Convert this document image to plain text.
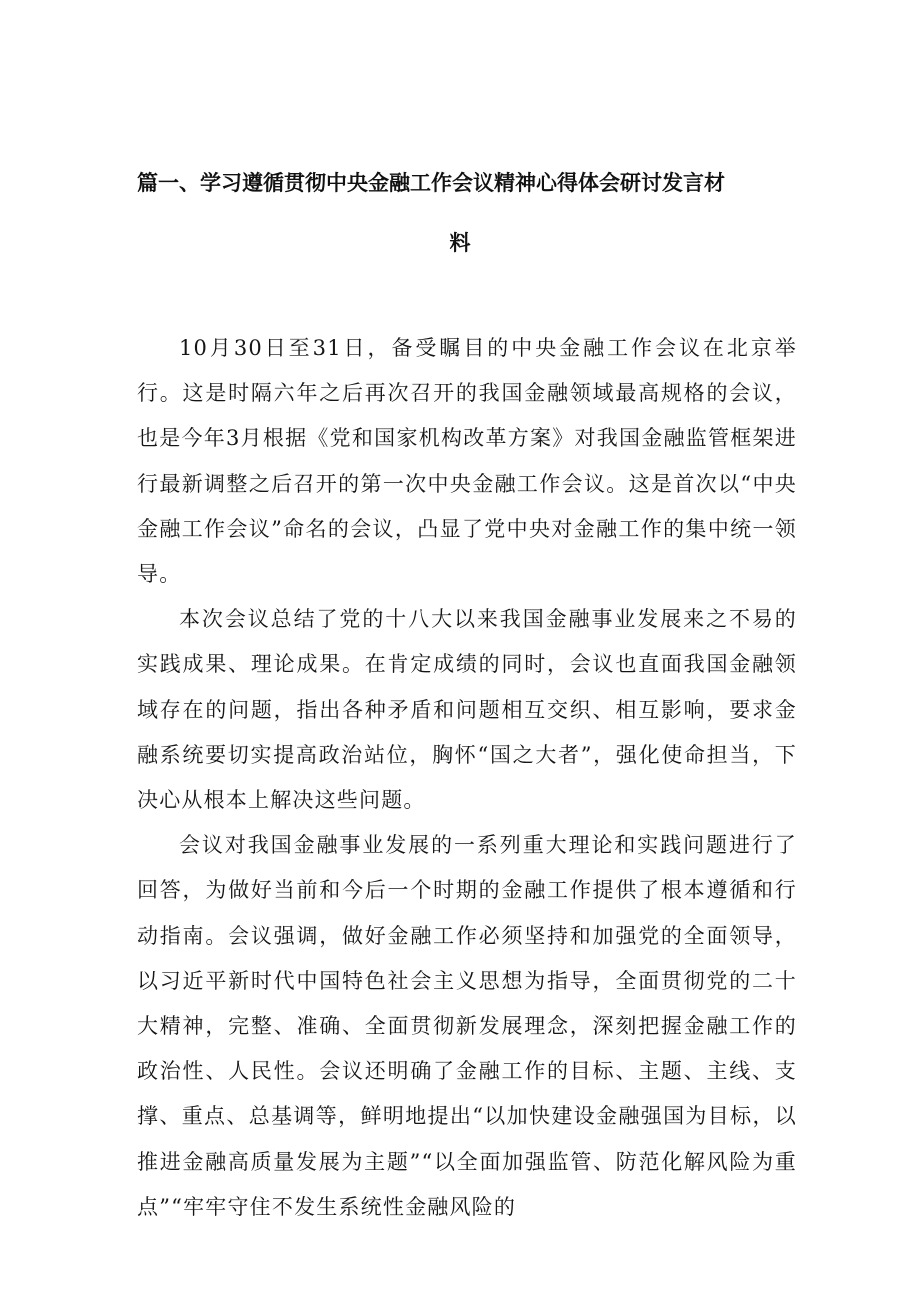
篇一、学习遵循贯彻中央金融工作会议精神心得体会研讨发言材
料

10月30日至31日，备受瞩目的中央金融工作会议在北京举行。这是时隔六年之后再次召开的我国金融领域最高规格的会议，也是今年3月根据《党和国家机构改革方案》对我国金融监管框架进行最新调整之后召开的第一次中央金融工作会议。这是首次以“中央金融工作会议”命名的会议，凸显了党中央对金融工作的集中统一领导。

本次会议总结了党的十八大以来我国金融事业发展来之不易的实践成果、理论成果。在肯定成绩的同时，会议也直面我国金融领域存在的问题，指出各种矛盾和问题相互交织、相互影响，要求金融系统要切实提高政治站位，胸怀“国之大者”，强化使命担当，下决心从根本上解决这些问题。

会议对我国金融事业发展的一系列重大理论和实践问题进行了回答，为做好当前和今后一个时期的金融工作提供了根本遵循和行动指南。会议强调，做好金融工作必须坚持和加强党的全面领导，以习近平新时代中国特色社会主义思想为指导，全面贯彻党的二十大精神，完整、准确、全面贯彻新发展理念，深刻把握金融工作的政治性、人民性。会议还明确了金融工作的目标、主题、主线、支撑、重点、总基调等，鲜明地提出“以加快建设金融强国为目标，以推进金融高质量发展为主题”“以全面加强监管、防范化解风险为重点”“牢牢守住不发生系统性金融风险的
